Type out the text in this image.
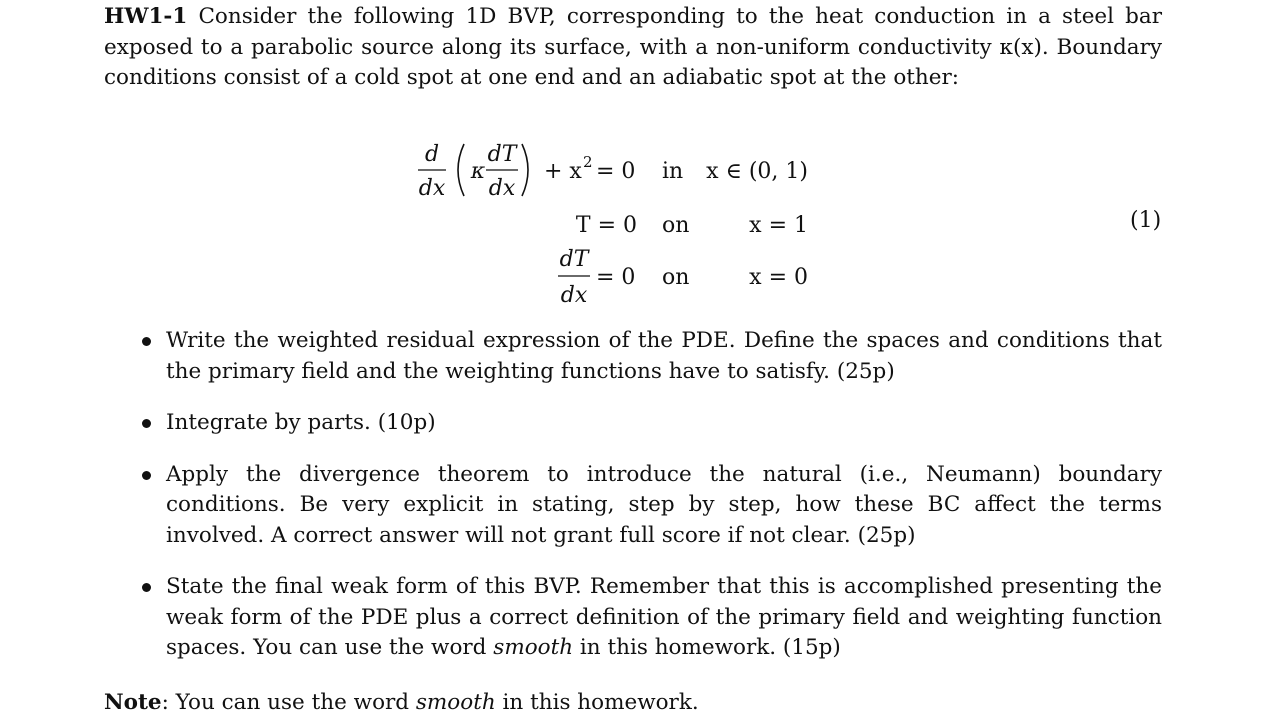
HW1-1 Consider the following 1D BVP, corresponding to the heat conduction in a steel bar exposed to a parabolic source along its surface, with a non-uniform conductivity κ(x). Boundary conditions consist of a cold spot at one end and an adiabatic spot at the other:
d
dx
κ
dT
dx
+ x 2 = 0 in x ∈ (0, 1)
T = 0 on	x = 1
dT
dx
= 0 on	x = 0
(1)
Write the weighted residual expression of the PDE. Define the spaces and conditions that the primary field and the weighting functions have to satisfy. (25p)
Integrate by parts. (10p)
Apply the divergence theorem to introduce the natural (i.e., Neumann) boundary conditions. Be very explicit in stating, step by step, how these BC affect the terms involved. A correct answer will not grant full score if not clear. (25p)
State the final weak form of this BVP. Remember that this is accomplished presenting the weak form of the PDE plus a correct definition of the primary field and weighting function spaces. You can use the word smooth in this homework. (15p)
Note: You can use the word smooth in this homework.
